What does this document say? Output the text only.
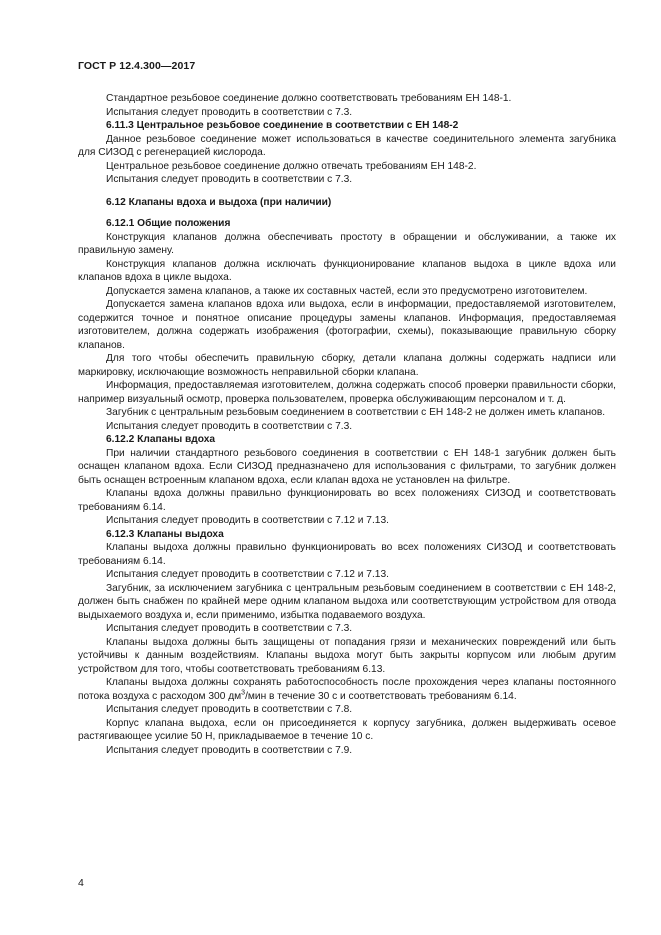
ГОСТ Р 12.4.300—2017

Стандартное резьбовое соединение должно соответствовать требованиям ЕН 148-1.

Испытания следует проводить в соответствии с 7.3.

6.11.3 Центральное резьбовое соединение в соответствии с ЕН 148-2

Данное резьбовое соединение может использоваться в качестве соединительного элемента загубника для СИЗОД с регенерацией кислорода.

Центральное резьбовое соединение должно отвечать требованиям ЕН 148-2.

Испытания следует проводить в соответствии с 7.3.

6.12 Клапаны вдоха и выдоха (при наличии)

6.12.1 Общие положения

Конструкция клапанов должна обеспечивать простоту в обращении и обслуживании, а также их правильную замену.

Конструкция клапанов должна исключать функционирование клапанов выдоха в цикле вдоха или клапанов вдоха в цикле выдоха.

Допускается замена клапанов, а также их составных частей, если это предусмотрено изготовителем.

Допускается замена клапанов вдоха или выдоха, если в информации, предоставляемой изготовителем, содержится точное и понятное описание процедуры замены клапанов. Информация, предоставляемая изготовителем, должна содержать изображения (фотографии, схемы), показывающие правильную сборку клапанов.

Для того чтобы обеспечить правильную сборку, детали клапана должны содержать надписи или маркировку, исключающие возможность неправильной сборки клапана.

Информация, предоставляемая изготовителем, должна содержать способ проверки правильности сборки, например визуальный осмотр, проверка пользователем, проверка обслуживающим персоналом и т. д.

Загубник с центральным резьбовым соединением в соответствии с ЕН 148-2 не должен иметь клапанов.

Испытания следует проводить в соответствии с 7.3.

6.12.2 Клапаны вдоха

При наличии стандартного резьбового соединения в соответствии с ЕН 148-1 загубник должен быть оснащен клапаном вдоха. Если СИЗОД предназначено для использования с фильтрами, то загубник должен быть оснащен встроенным клапаном вдоха, если клапан вдоха не установлен на фильтре.

Клапаны вдоха должны правильно функционировать во всех положениях СИЗОД и соответствовать требованиям 6.14.

Испытания следует проводить в соответствии с 7.12 и 7.13.

6.12.3 Клапаны выдоха

Клапаны выдоха должны правильно функционировать во всех положениях СИЗОД и соответствовать требованиям 6.14.

Испытания следует проводить в соответствии с 7.12 и 7.13.

Загубник, за исключением загубника с центральным резьбовым соединением в соответствии с ЕН 148-2, должен быть снабжен по крайней мере одним клапаном выдоха или соответствующим устройством для отвода выдыхаемого воздуха и, если применимо, избытка подаваемого воздуха.

Испытания следует проводить в соответствии с 7.3.

Клапаны выдоха должны быть защищены от попадания грязи и механических повреждений или быть устойчивы к данным воздействиям. Клапаны выдоха могут быть закрыты корпусом или любым другим устройством для того, чтобы соответствовать требованиям 6.13.

Клапаны выдоха должны сохранять работоспособность после прохождения через клапаны постоянного потока воздуха с расходом 300 $дм^3$/мин в течение 30 с и соответствовать требованиям 6.14.

Испытания следует проводить в соответствии с 7.8.

Корпус клапана выдоха, если он присоединяется к корпусу загубника, должен выдерживать осевое растягивающее усилие 50 Н, прикладываемое в течение 10 с.

Испытания следует проводить в соответствии с 7.9.

4
